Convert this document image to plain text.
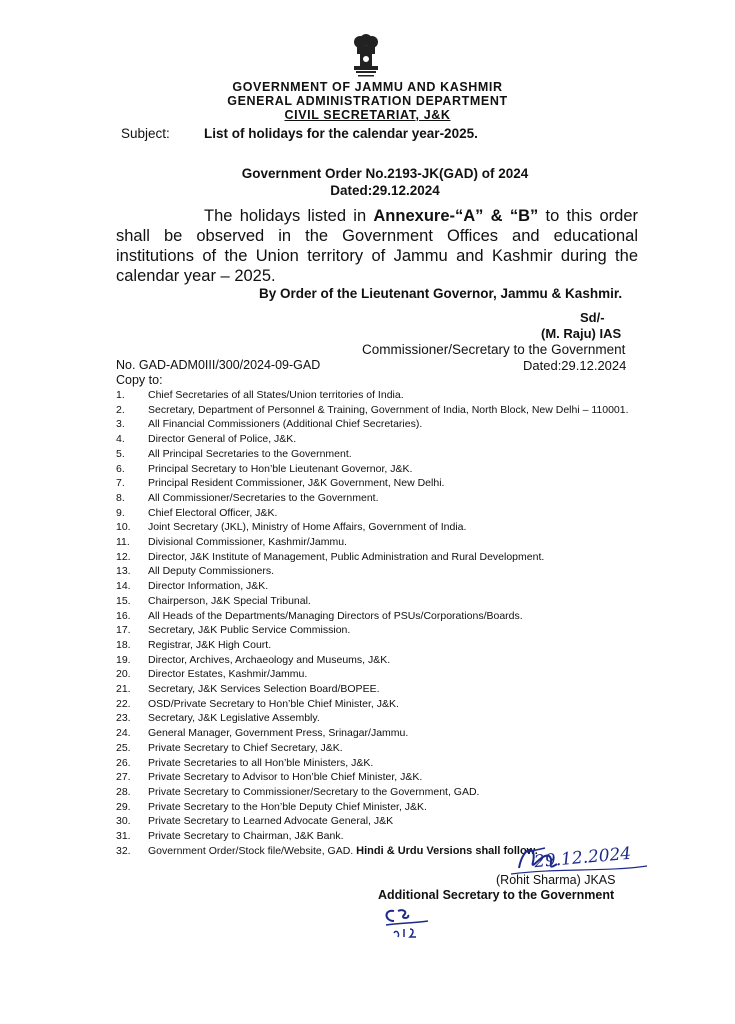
GOVERNMENT OF JAMMU AND KASHMIR
GENERAL ADMINISTRATION DEPARTMENT
CIVIL SECRETARIAT, J&K
Subject:	List of holidays for the calendar year-2025.
Government Order No.2193-JK(GAD) of 2024
Dated:29.12.2024
The holidays listed in Annexure-“A” & “B” to this order shall be observed in the Government Offices and educational institutions of the Union territory of Jammu and Kashmir during the calendar year – 2025.
By Order of the Lieutenant Governor, Jammu & Kashmir.
Sd/-
(M. Raju) IAS
Commissioner/Secretary to the Government
No. GAD-ADM0III/300/2024-09-GAD	Dated:29.12.2024
Copy to:
1. Chief Secretaries of all States/Union territories of India.
2. Secretary, Department of Personnel & Training, Government of India, North Block, New Delhi – 110001.
3. All Financial Commissioners (Additional Chief Secretaries).
4. Director General of Police, J&K.
5. All Principal Secretaries to the Government.
6. Principal Secretary to Hon’ble Lieutenant Governor, J&K.
7. Principal Resident Commissioner, J&K Government, New Delhi.
8. All Commissioner/Secretaries to the Government.
9. Chief Electoral Officer, J&K.
10. Joint Secretary (JKL), Ministry of Home Affairs, Government of India.
11. Divisional Commissioner, Kashmir/Jammu.
12. Director, J&K Institute of Management, Public Administration and Rural Development.
13. All Deputy Commissioners.
14. Director Information, J&K.
15. Chairperson, J&K Special Tribunal.
16. All Heads of the Departments/Managing Directors of PSUs/Corporations/Boards.
17. Secretary, J&K Public Service Commission.
18. Registrar, J&K High Court.
19. Director, Archives, Archaeology and Museums, J&K.
20. Director Estates, Kashmir/Jammu.
21. Secretary, J&K Services Selection Board/BOPEE.
22. OSD/Private Secretary to Hon’ble Chief Minister, J&K.
23. Secretary, J&K Legislative Assembly.
24. General Manager, Government Press, Srinagar/Jammu.
25. Private Secretary to Chief Secretary, J&K.
26. Private Secretaries to all Hon’ble Ministers, J&K.
27. Private Secretary to Advisor to Hon’ble Chief Minister, J&K.
28. Private Secretary to Commissioner/Secretary to the Government, GAD.
29. Private Secretary to the Hon’ble Deputy Chief Minister, J&K.
30. Private Secretary to Learned Advocate General, J&K
31. Private Secretary to Chairman, J&K Bank.
32. Government Order/Stock file/Website, GAD. Hindi & Urdu Versions shall follow.
29.12.2024
(Rohit Sharma) JKAS
Additional Secretary to the Government
